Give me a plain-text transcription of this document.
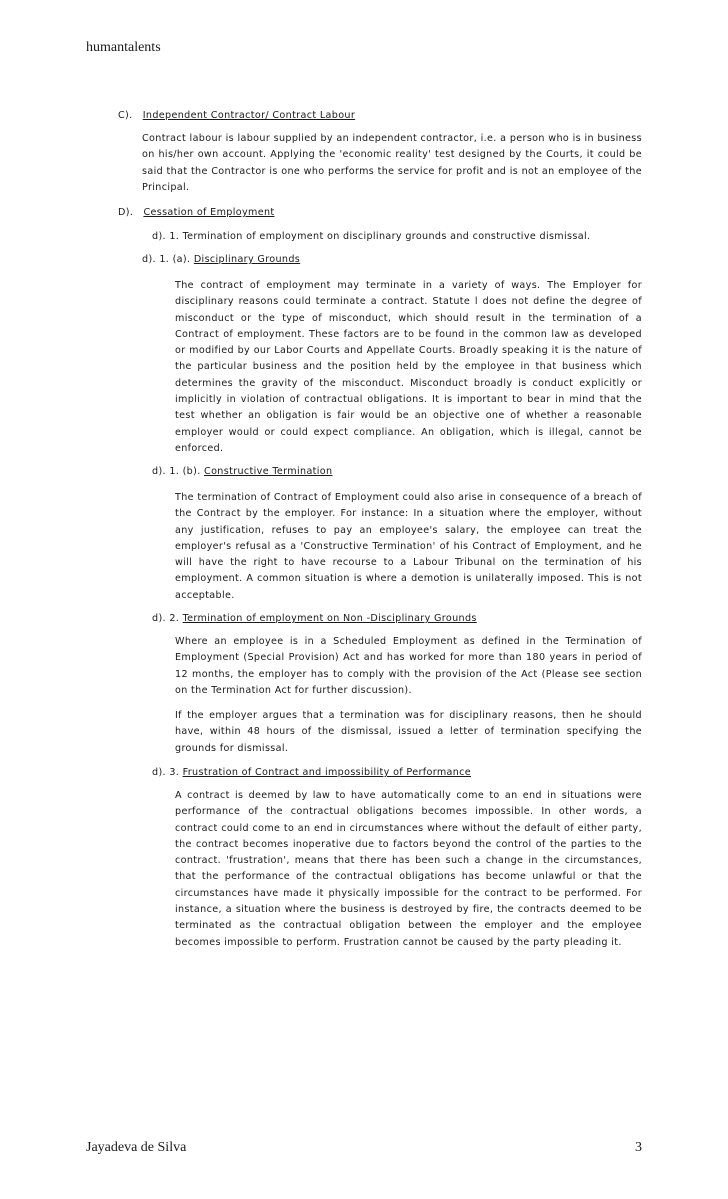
humantalents
C). Independent Contractor/ Contract Labour
Contract labour is labour supplied by an independent contractor, i.e. a person who is in business on his/her own account. Applying the 'economic reality' test designed by the Courts, it could be said that the Contractor is one who performs the service for profit and is not an employee of the Principal.
D). Cessation of Employment
d). 1. Termination of employment on disciplinary grounds and constructive dismissal.
d). 1. (a). Disciplinary Grounds
The contract of employment may terminate in a variety of ways. The Employer for disciplinary reasons could terminate a contract. Statute l does not define the degree of misconduct or the type of misconduct, which should result in the termination of a Contract of employment. These factors are to be found in the common law as developed or modified by our Labor Courts and Appellate Courts. Broadly speaking it is the nature of the particular business and the position held by the employee in that business which determines the gravity of the misconduct. Misconduct broadly is conduct explicitly or implicitly in violation of contractual obligations. It is important to bear in mind that the test whether an obligation is fair would be an objective one of whether a reasonable employer would or could expect compliance. An obligation, which is illegal, cannot be enforced.
d). 1. (b). Constructive Termination
The termination of Contract of Employment could also arise in consequence of a breach of the Contract by the employer. For instance: In a situation where the employer, without any justification, refuses to pay an employee's salary, the employee can treat the employer's refusal as a 'Constructive Termination' of his Contract of Employment, and he will have the right to have recourse to a Labour Tribunal on the termination of his employment. A common situation is where a demotion is unilaterally imposed. This is not acceptable.
d). 2. Termination of employment on Non -Disciplinary Grounds
Where an employee is in a Scheduled Employment as defined in the Termination of Employment (Special Provision) Act and has worked for more than 180 years in period of 12 months, the employer has to comply with the provision of the Act (Please see section on the Termination Act for further discussion).
If the employer argues that a termination was for disciplinary reasons, then he should have, within 48 hours of the dismissal, issued a letter of termination specifying the grounds for dismissal.
d). 3. Frustration of Contract and impossibility of Performance
A contract is deemed by law to have automatically come to an end in situations were performance of the contractual obligations becomes impossible. In other words, a contract could come to an end in circumstances where without the default of either party, the contract becomes inoperative due to factors beyond the control of the parties to the contract. 'frustration', means that there has been such a change in the circumstances, that the performance of the contractual obligations has become unlawful or that the circumstances have made it physically impossible for the contract to be performed. For instance, a situation where the business is destroyed by fire, the contracts deemed to be terminated as the contractual obligation between the employer and the employee becomes impossible to perform. Frustration cannot be caused by the party pleading it.
Jayadeva de Silva	3
